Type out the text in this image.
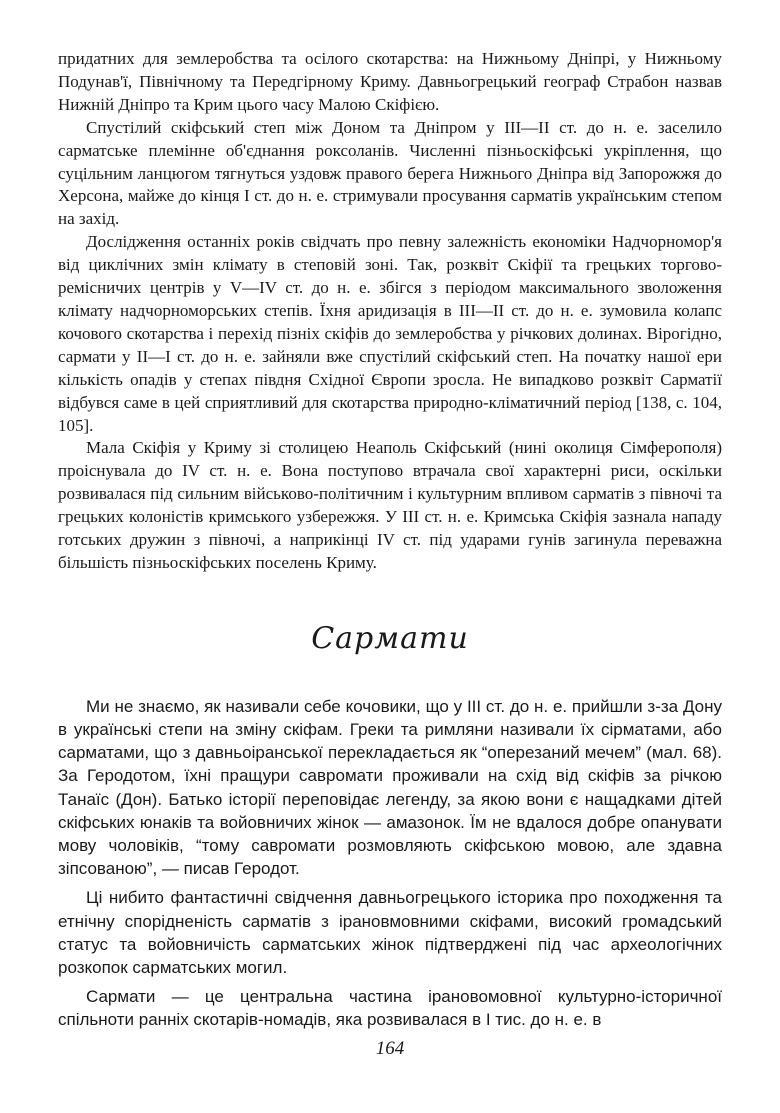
придатних для землеробства та осілого скотарства: на Нижньому Дніпрі, у Нижньому Подунав'ї, Північному та Передгірному Криму. Давньогрецький географ Страбон назвав Нижній Дніпро та Крим цього часу Малою Скіфією.

Спустілий скіфський степ між Доном та Дніпром у III—II ст. до н. е. заселило сарматське племінне об'єднання роксоланів. Численні пізньоскіфські укріплення, що суцільним ланцюгом тягнуться уздовж правого берега Нижнього Дніпра від Запорожжя до Херсона, майже до кінця I ст. до н. е. стримували просування сарматів українським степом на захід.

Дослідження останніх років свідчать про певну залежність економіки Надчорномор'я від циклічних змін клімату в степовій зоні. Так, розквіт Скіфії та грецьких торгово-ремісничих центрів у V—IV ст. до н. е. збігся з періодом максимального зволоження клімату надчорноморських степів. Їхня аридизація в III—II ст. до н. е. зумовила колапс кочового скотарства і перехід пізніх скіфів до землеробства у річкових долинах. Вірогідно, сармати у II—I ст. до н. е. зайняли вже спустілий скіфський степ. На початку нашої ери кількість опадів у степах півдня Східної Європи зросла. Не випадково розквіт Сарматії відбувся саме в цей сприятливий для скотарства природно-кліматичний період [138, с. 104, 105].

Мала Скіфія у Криму зі столицею Неаполь Скіфський (нині околиця Сімферополя) проіснувала до IV ст. н. е. Вона поступово втрачала свої характерні риси, оскільки розвивалася під сильним військово-політичним і культурним впливом сарматів з півночі та грецьких колоністів кримського узбережжя. У III ст. н. е. Кримська Скіфія зазнала нападу готських дружин з півночі, а наприкінці IV ст. під ударами гунів загинула переважна більшість пізньоскіфських поселень Криму.

Сармати

Ми не знаємо, як називали себе кочовики, що у III ст. до н. е. прийшли з-за Дону в українські степи на зміну скіфам. Греки та римляни називали їх сірматами, або сарматами, що з давньоіранської перекладається як “оперезаний мечем” (мал. 68). За Геродотом, їхні пращури савромати проживали на схід від скіфів за річкою Танаїс (Дон). Батько історії переповідає легенду, за якою вони є нащадками дітей скіфських юнаків та войовничих жінок — амазонок. Їм не вдалося добре опанувати мову чоловіків, “тому савромати розмовляють скіфською мовою, але здавна зіпсованою”, — писав Геродот.

Ці нибито фантастичні свідчення давньогрецького історика про походження та етнічну спорідненість сарматів з ірановмовними скіфами, високий громадський статус та войовничість сарматських жінок підтверджені під час археологічних розкопок сарматських могил.

Сармати — це центральна частина ірановомовної культурно-історичної спільноти ранніх скотарів-номадів, яка розвивалася в I тис. до н. е. в

164
